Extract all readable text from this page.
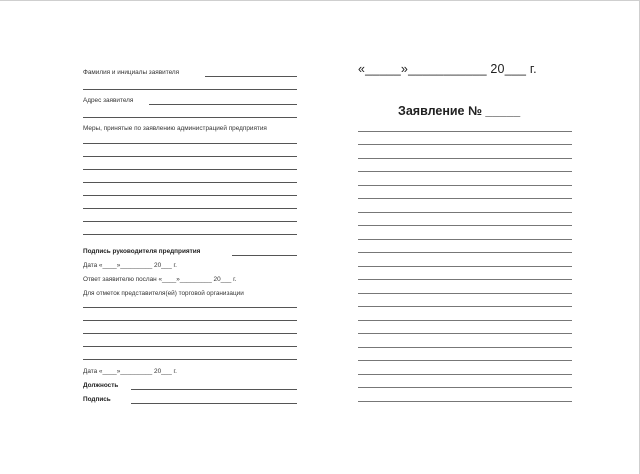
Фамилия и инициалы заявителя
Адрес заявителя
Меры, принятые по заявлению администрацией предприятия
Подпись руководителя предприятия
Дата «____»_________ 20___ г.
Ответ заявителю послан «____»_________ 20___ г.
Для отметок представителя(ей) торговой организации
Дата «____»_________ 20___ г.
Должность
Подпись
«_____»___________ 20___ г.
Заявление № _____
